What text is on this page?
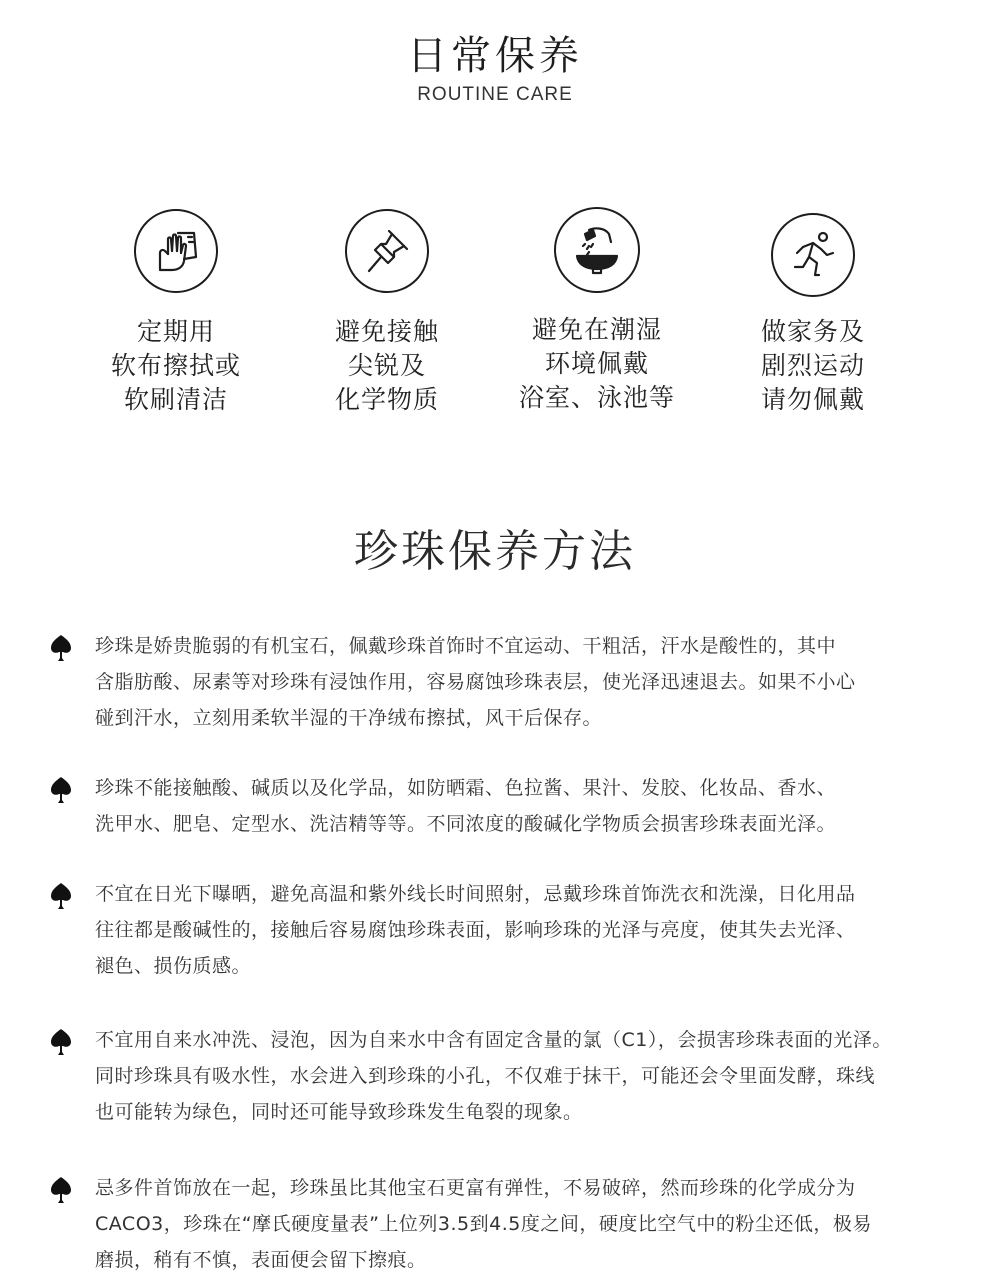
日常保养
ROUTINE CARE
定期用
软布擦拭或
软刷清洁
避免接触
尖锐及
化学物质
避免在潮湿
环境佩戴
浴室、泳池等
做家务及
剧烈运动
请勿佩戴
珍珠保养方法
珍珠是娇贵脆弱的有机宝石，佩戴珍珠首饰时不宜运动、干粗活，汗水是酸性的，其中
含脂肪酸、尿素等对珍珠有浸蚀作用，容易腐蚀珍珠表层，使光泽迅速退去。如果不小心
碰到汗水，立刻用柔软半湿的干净绒布擦拭，风干后保存。
珍珠不能接触酸、碱质以及化学品，如防晒霜、色拉酱、果汁、发胶、化妆品、香水、
洗甲水、肥皂、定型水、洗洁精等等。不同浓度的酸碱化学物质会损害珍珠表面光泽。
不宜在日光下曝晒，避免高温和紫外线长时间照射，忌戴珍珠首饰洗衣和洗澡，日化用品
往往都是酸碱性的，接触后容易腐蚀珍珠表面，影响珍珠的光泽与亮度，使其失去光泽、
褪色、损伤质感。
不宜用自来水冲洗、浸泡，因为自来水中含有固定含量的氯（C1），会损害珍珠表面的光泽。
同时珍珠具有吸水性，水会进入到珍珠的小孔，不仅难于抹干，可能还会令里面发酵，珠线
也可能转为绿色，同时还可能导致珍珠发生龟裂的现象。
忌多件首饰放在一起，珍珠虽比其他宝石更富有弹性，不易破碎，然而珍珠的化学成分为
CACO3，珍珠在“摩氏硬度量表”上位列3.5到4.5度之间，硬度比空气中的粉尘还低，极易
磨损，稍有不慎，表面便会留下擦痕。
